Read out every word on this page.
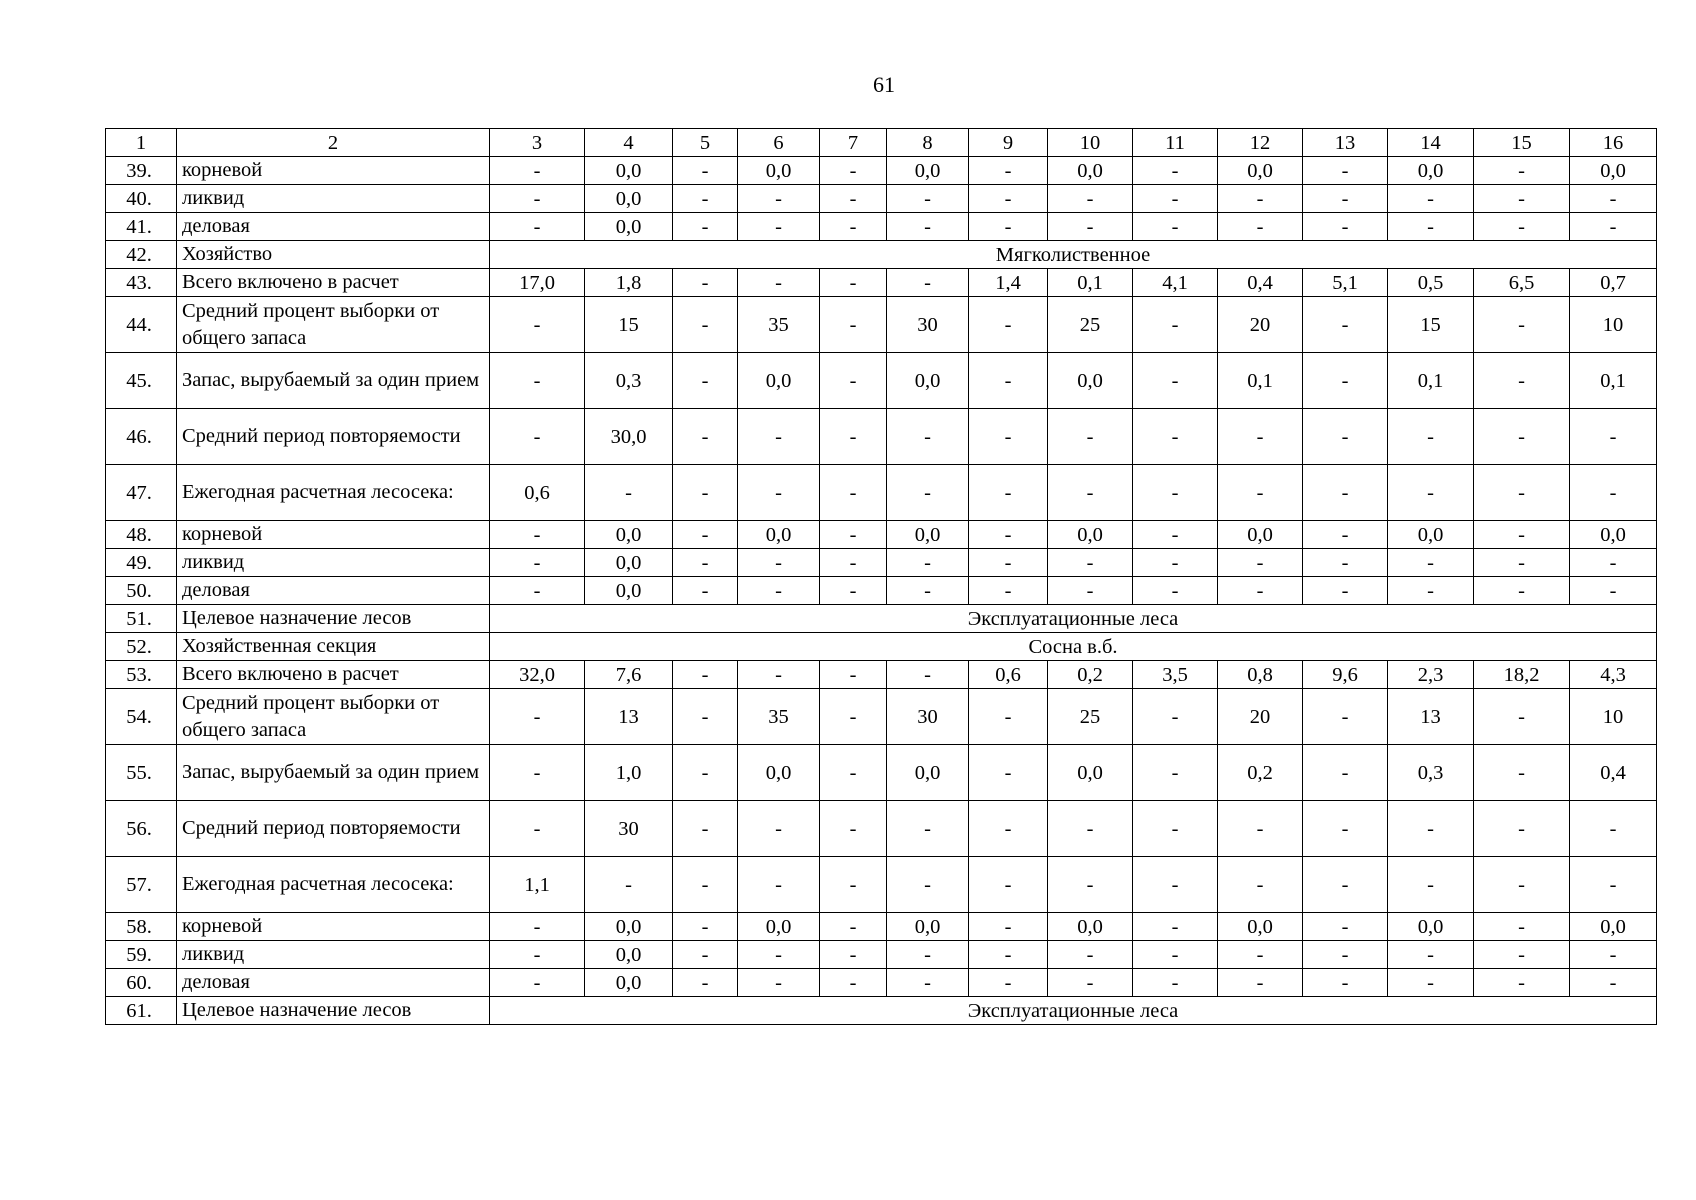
61
1	2	3	4	5	6	7	8	9	10	11	12	13	14	15	16
39.	корневой	-	0,0	-	0,0	-	0,0	-	0,0	-	0,0	-	0,0	-	0,0
40.	ликвид	-	0,0	-	-	-	-	-	-	-	-	-	-	-	-
41.	деловая	-	0,0	-	-	-	-	-	-	-	-	-	-	-	-
42.	Хозяйство	Мягколиственное													
43.	Всего включено в расчет	17,0	1,8	-	-	-	-	1,4	0,1	4,1	0,4	5,1	0,5	6,5	0,7
44.	Средний процент выборки от общего запаса	-	15	-	35	-	30	-	25	-	20	-	15	-	10
45.	Запас, вырубаемый за один прием	-	0,3	-	0,0	-	0,0	-	0,0	-	0,1	-	0,1	-	0,1
46.	Средний период повторяемости	-	30,0	-	-	-	-	-	-	-	-	-	-	-	-
47.	Ежегодная расчетная лесосека:	0,6	-	-	-	-	-	-	-	-	-	-	-	-	-
48.	корневой	-	0,0	-	0,0	-	0,0	-	0,0	-	0,0	-	0,0	-	0,0
49.	ликвид	-	0,0	-	-	-	-	-	-	-	-	-	-	-	-
50.	деловая	-	0,0	-	-	-	-	-	-	-	-	-	-	-	-
51.	Целевое назначение лесов	Эксплуатационные леса													
52.	Хозяйственная секция	Сосна в.б.													
53.	Всего включено в расчет	32,0	7,6	-	-	-	-	0,6	0,2	3,5	0,8	9,6	2,3	18,2	4,3
54.	Средний процент выборки от общего запаса	-	13	-	35	-	30	-	25	-	20	-	13	-	10
55.	Запас, вырубаемый за один прием	-	1,0	-	0,0	-	0,0	-	0,0	-	0,2	-	0,3	-	0,4
56.	Средний период повторяемости	-	30	-	-	-	-	-	-	-	-	-	-	-	-
57.	Ежегодная расчетная лесосека:	1,1	-	-	-	-	-	-	-	-	-	-	-	-	-
58.	корневой	-	0,0	-	0,0	-	0,0	-	0,0	-	0,0	-	0,0	-	0,0
59.	ликвид	-	0,0	-	-	-	-	-	-	-	-	-	-	-	-
60.	деловая	-	0,0	-	-	-	-	-	-	-	-	-	-	-	-
61.	Целевое назначение лесов	Эксплуатационные леса													
